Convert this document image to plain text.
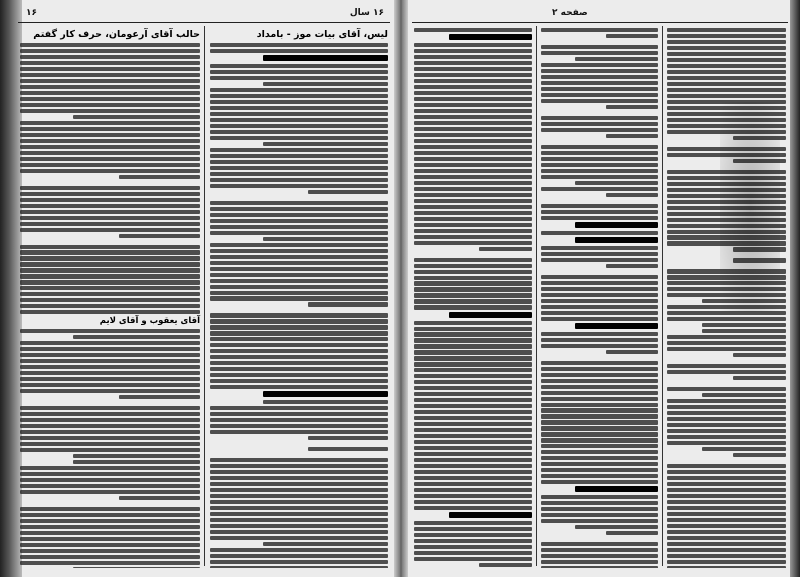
۱۶	۱۶ سال
حالب آقای آرعومان، حرف کار گفتم
آقای یعقوب و آقای لایم
لیس، آقای بیات موز - بامداد
صفحه ۲
